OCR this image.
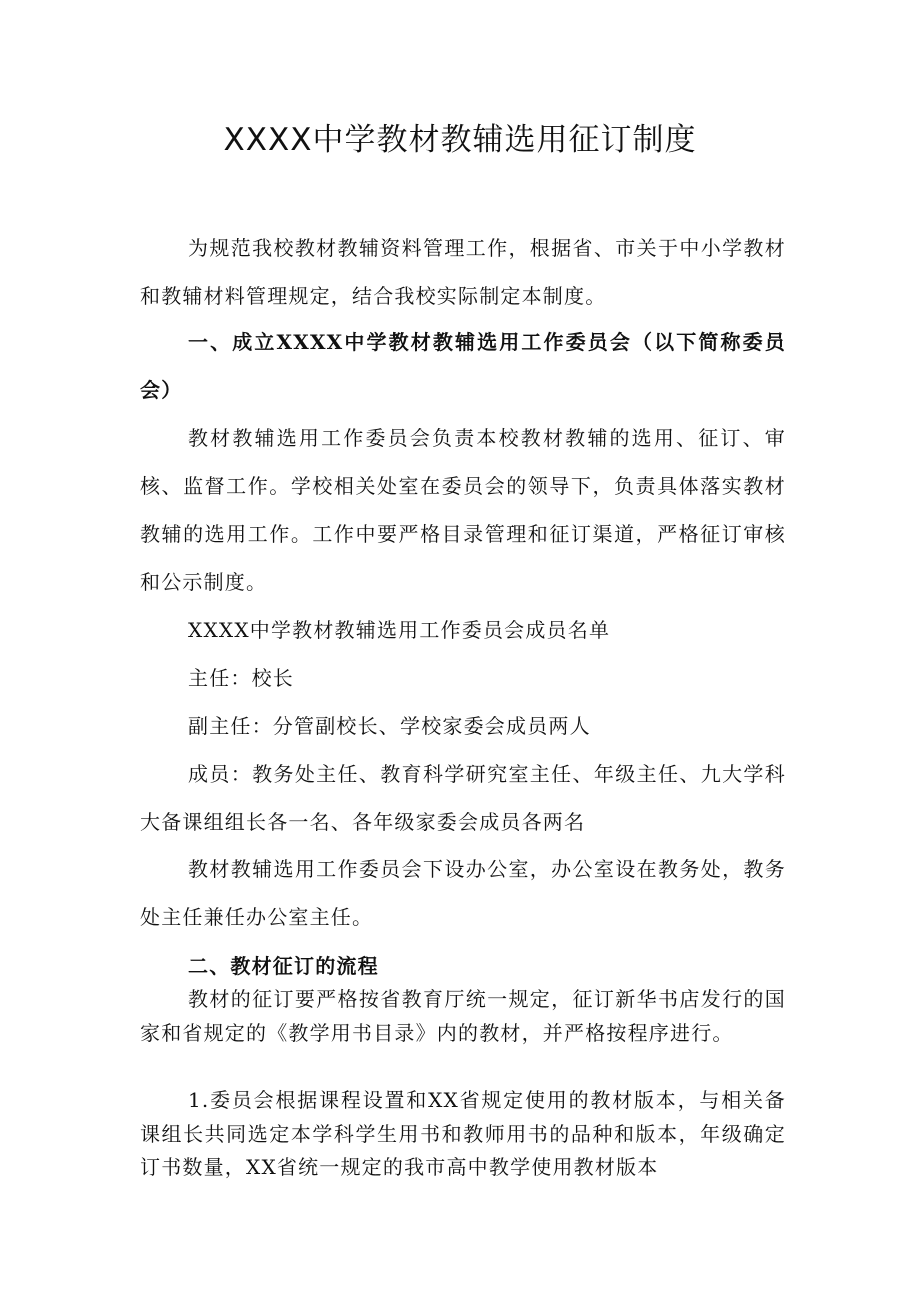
XXXX中学教材教辅选用征订制度

为规范我校教材教辅资料管理工作，根据省、市关于中小学教材和教辅材料管理规定，结合我校实际制定本制度。

一、成立XXXX中学教材教辅选用工作委员会（以下简称委员会）

教材教辅选用工作委员会负责本校教材教辅的选用、征订、审核、监督工作。学校相关处室在委员会的领导下，负责具体落实教材教辅的选用工作。工作中要严格目录管理和征订渠道，严格征订审核和公示制度。

XXXX中学教材教辅选用工作委员会成员名单

主任：校长

副主任：分管副校长、学校家委会成员两人

成员：教务处主任、教育科学研究室主任、年级主任、九大学科大备课组组长各一名、各年级家委会成员各两名

教材教辅选用工作委员会下设办公室，办公室设在教务处，教务处主任兼任办公室主任。

二、教材征订的流程

教材的征订要严格按省教育厅统一规定，征订新华书店发行的国家和省规定的《教学用书目录》内的教材，并严格按程序进行。

1.委员会根据课程设置和XX省规定使用的教材版本，与相关备课组长共同选定本学科学生用书和教师用书的品种和版本，年级确定订书数量，XX省统一规定的我市高中教学使用教材版本
